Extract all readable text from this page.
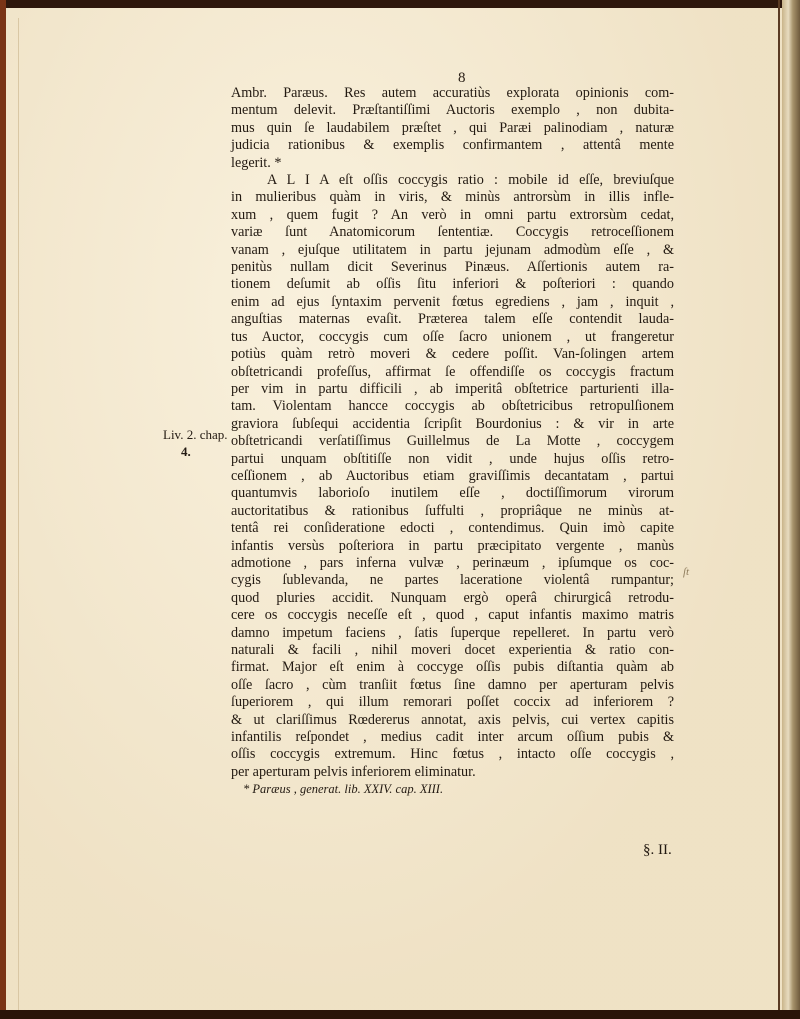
8
Ambr. Paræus. Res autem accuratiùs explorata opinionis com-
mentum delevit. Præſtantiſſimi Auctoris exemplo , non dubita-
mus quin ſe laudabilem præſtet , qui Paræi palinodiam , naturæ
judicia rationibus & exemplis confirmantem , attentâ mente
legerit. *
A L I A eſt oſſis coccygis ratio : mobile id eſſe, breviuſque
in mulieribus quàm in viris, & minùs antrorsùm in illis infle-
xum , quem fugit ? An verò in omni partu extrorsùm cedat,
variæ ſunt Anatomicorum ſententiæ. Coccygis retroceſſionem
vanam , ejuſque utilitatem in partu jejunam admodùm eſſe , &
penitùs nullam dicit Severinus Pinæus. Aſſertionis autem ra-
tionem deſumit ab oſſis ſitu inferiori & poſteriori : quando
enim ad ejus ſyntaxim pervenit fœtus egrediens , jam , inquit ,
anguſtias maternas evaſit. Præterea talem eſſe contendit lauda-
tus Auctor, coccygis cum oſſe ſacro unionem , ut frangeretur
potiùs quàm retrò moveri & cedere poſſit. Van-ſolingen artem
obſtetricandi profeſſus, affirmat ſe offendiſſe os coccygis fractum
per vim in partu difficili , ab imperitâ obſtetrice parturienti illa-
tam. Violentam hancce coccygis ab obſtetricibus retropulſionem
graviora ſubſequi accidentia ſcripſit Bourdonius : & vir in arte
obſtetricandi verſatiſſimus Guillelmus de La Motte , coccygem
partui unquam obſtitiſſe non vidit , unde hujus oſſis retro-
ceſſionem , ab Auctoribus etiam graviſſimis decantatam , partui
quantumvis laborioſo inutilem eſſe , doctiſſimorum virorum
auctoritatibus & rationibus ſuffulti , propriâque ne minùs at-
tentâ rei conſideratione edocti , contendimus. Quin imò capite
infantis versùs poſteriora in partu præcipitato vergente , manùs
admotione , pars inferna vulvæ , perinæum , ipſumque os coc-
cygis ſublevanda, ne partes laceratione violentâ rumpantur;
quod pluries accidit. Nunquam ergò operâ chirurgicâ retrodu-
cere os coccygis neceſſe eſt , quod , caput infantis maximo matris
damno impetum faciens , ſatis ſuperque repelleret. In partu verò
naturali & facili , nihil moveri docet experientia & ratio con-
firmat. Major eſt enim à coccyge oſſis pubis diſtantia quàm ab
oſſe ſacro , cùm tranſiit fœtus ſine damno per aperturam pelvis
ſuperiorem , qui illum remorari poſſet coccix ad inferiorem ?
& ut clariſſimus Rœdererus annotat, axis pelvis, cui vertex capitis
infantilis reſpondet , medius cadit inter arcum oſſium pubis &
oſſis coccygis extremum. Hinc fœtus , intacto oſſe coccygis ,
per aperturam pelvis inferiorem eliminatur.
* Paræus , generat. lib. XXIV. cap. XIII.
Liv. 2. chap.
4.
ſt
§. II.
